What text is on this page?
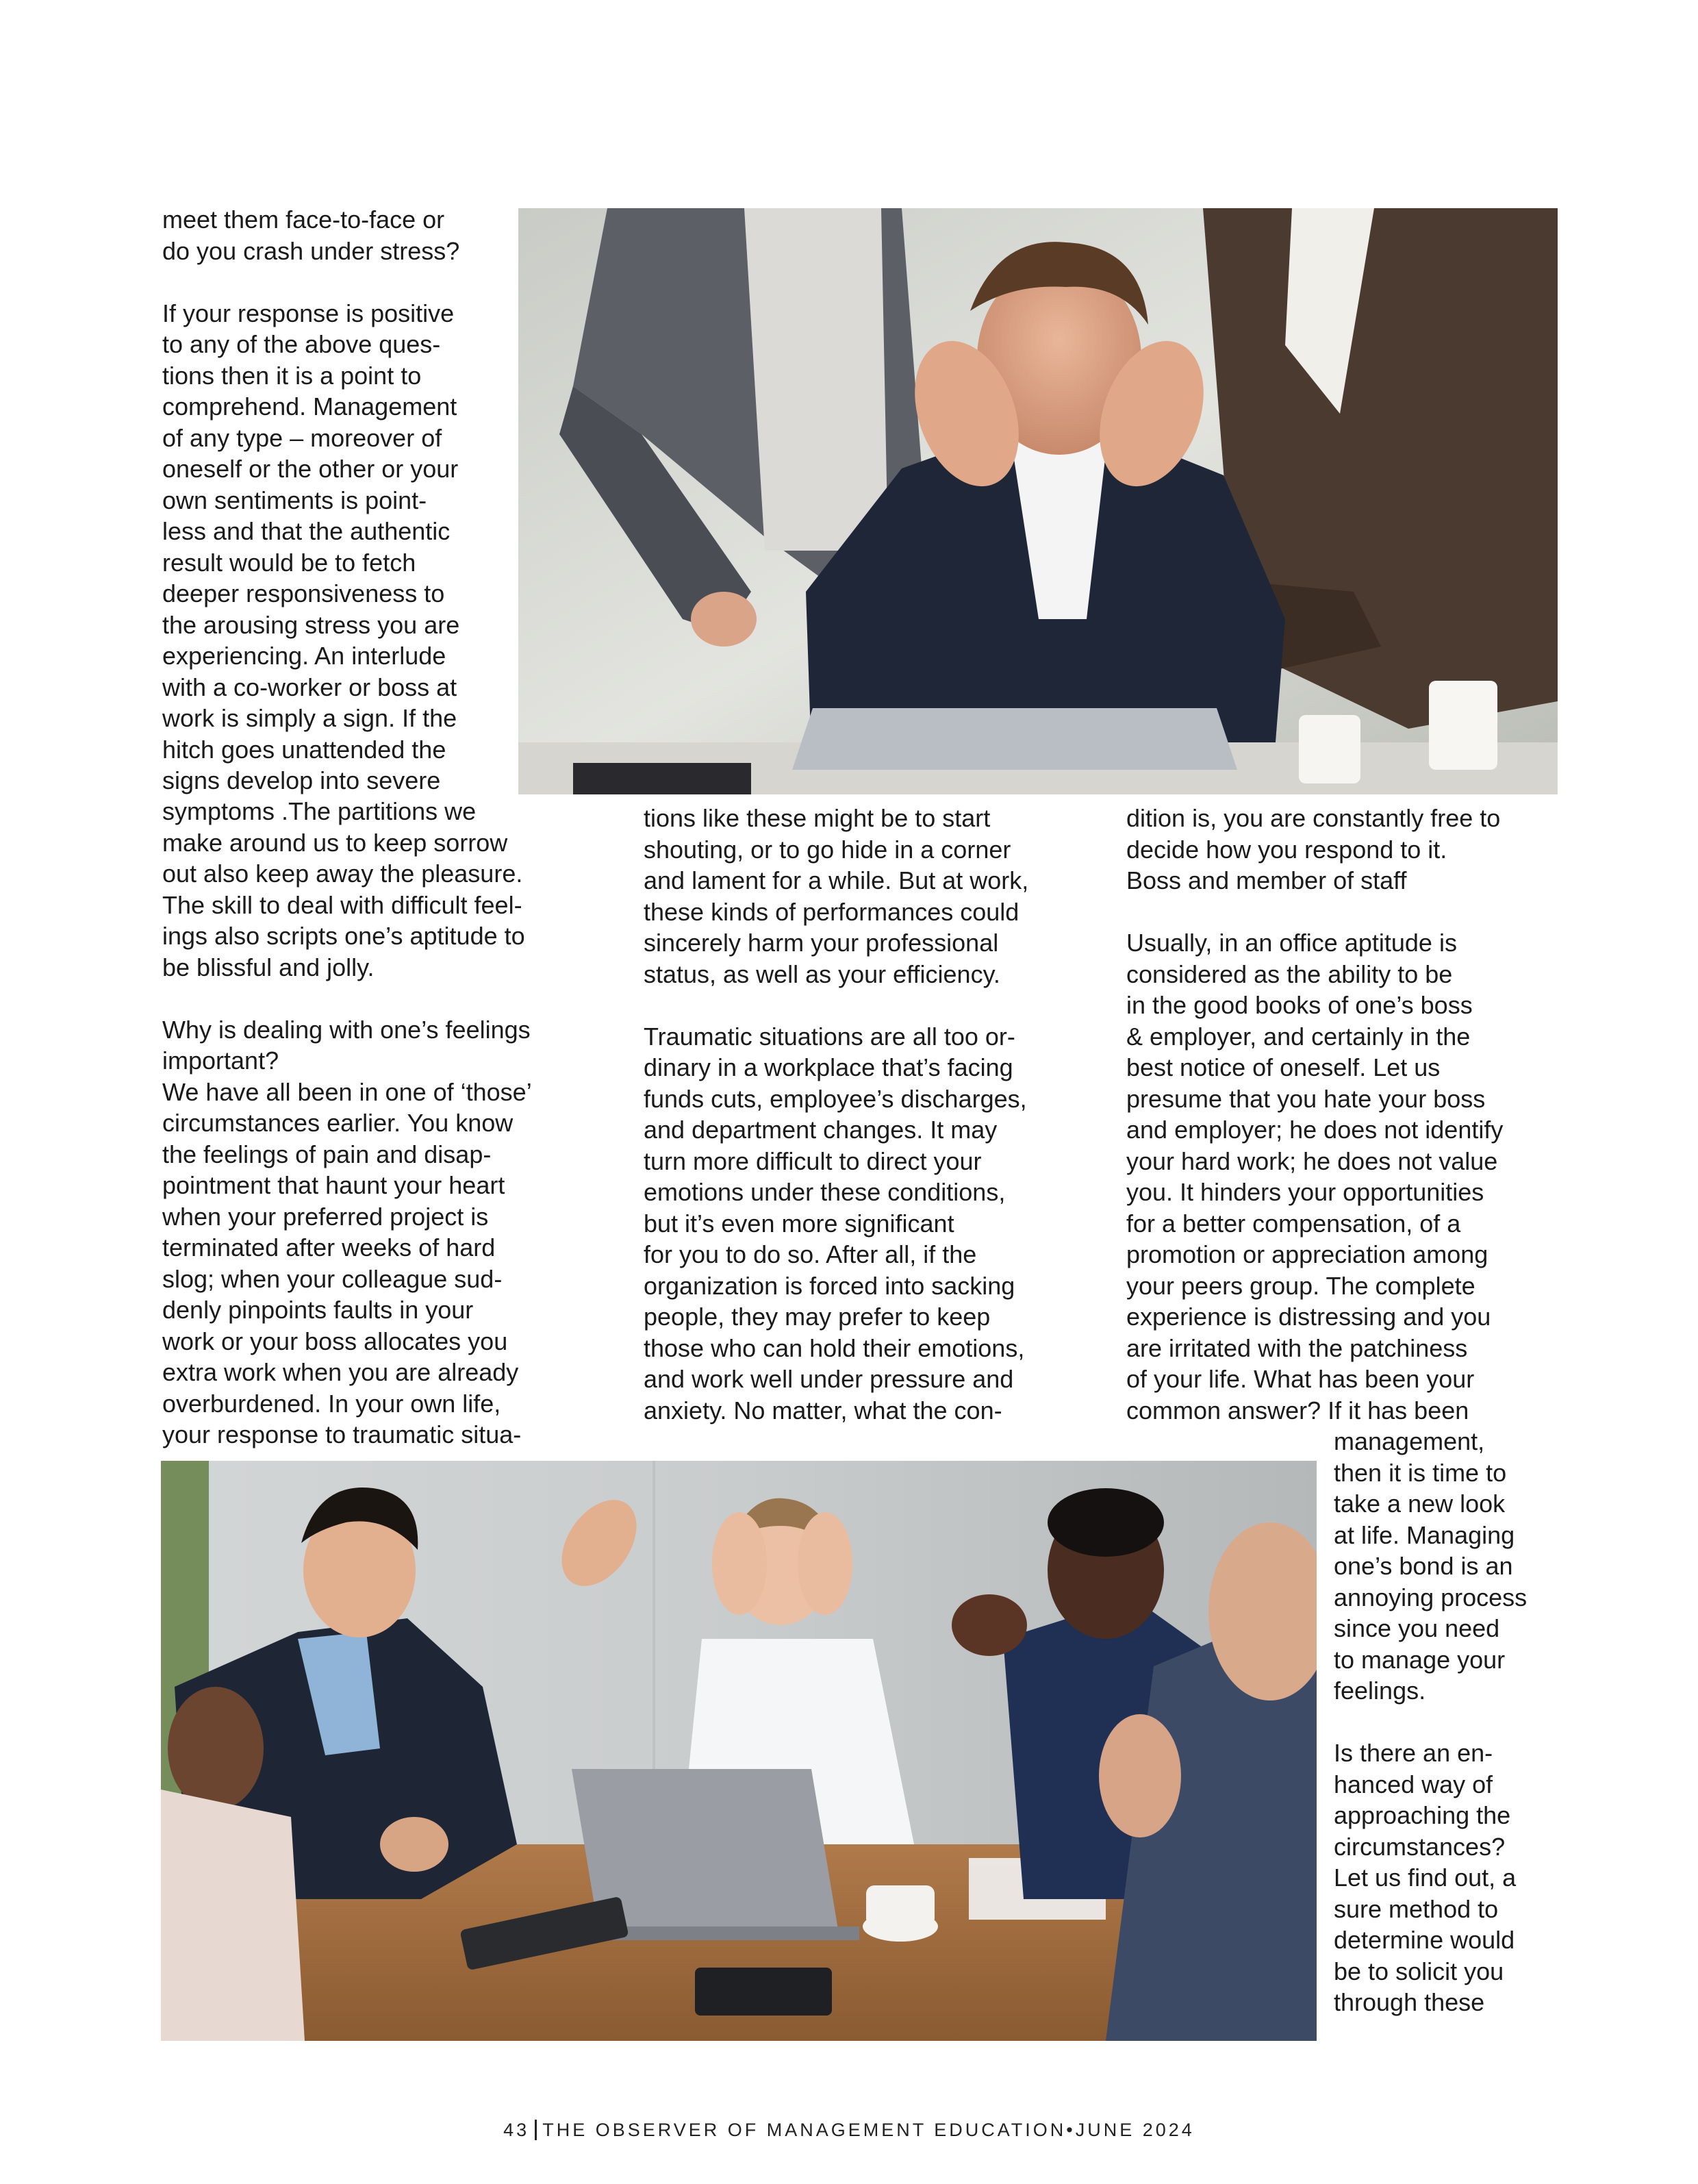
meet them face-to-face or
do you crash under stress?

If your response is positive
to any of the above ques-
tions then it is a point to
comprehend. Management
of any type – moreover of
oneself or the other or your
own sentiments is point-
less and that the authentic
result would be to fetch
deeper responsiveness to
the arousing stress you are
experiencing. An interlude
with a co-worker or boss at
work is simply a sign. If the
hitch goes unattended the
signs develop into severe

symptoms .The partitions we
make around us to keep sorrow
out also keep away the pleasure.
The skill to deal with difficult feel-
ings also scripts one’s aptitude to
be blissful and jolly.

Why is dealing with one’s feelings
important?
We have all been in one of ‘those’
circumstances earlier. You know
the feelings of pain and disap-
pointment that haunt your heart
when your preferred project is
terminated after weeks of hard
slog; when your colleague sud-
denly pinpoints faults in your
work or your boss allocates you
extra work when you are already
overburdened. In your own life,
your response to traumatic situa-

tions like these might be to start
shouting, or to go hide in a corner
and lament for a while. But at work,
these kinds of performances could
sincerely harm your professional
status, as well as your efficiency.

Traumatic situations are all too or-
dinary in a workplace that’s facing
funds cuts, employee’s discharges,
and department changes. It may
turn more difficult to direct your
emotions under these conditions,
but it’s even more significant
for you to do so. After all, if the
organization is forced into sacking
people, they may prefer to keep
those who can hold their emotions,
and work well under pressure and
anxiety. No matter, what the con-

dition is, you are constantly free to
decide how you respond to it.
Boss and member of staff

Usually, in an office aptitude is
considered as the ability to be
in the good books of one’s boss
& employer, and certainly in the
best notice of oneself. Let us
presume that you hate your boss
and employer; he does not identify
your hard work; he does not value
you. It hinders your opportunities
for a better compensation, of a
promotion or appreciation among
your peers group. The complete
experience is distressing and you
are irritated with the patchiness
of your life. What has been your
common answer? If it has been

management,
then it is time to
take a new look
at life. Managing
one’s bond is an
annoying process
since you need
to manage your
feelings.

Is there an en-
hanced way of
approaching the
circumstances?
Let us find out, a
sure method to
determine would
be to solicit you
through these

43 THE OBSERVER OF MANAGEMENT EDUCATION•JUNE 2024
